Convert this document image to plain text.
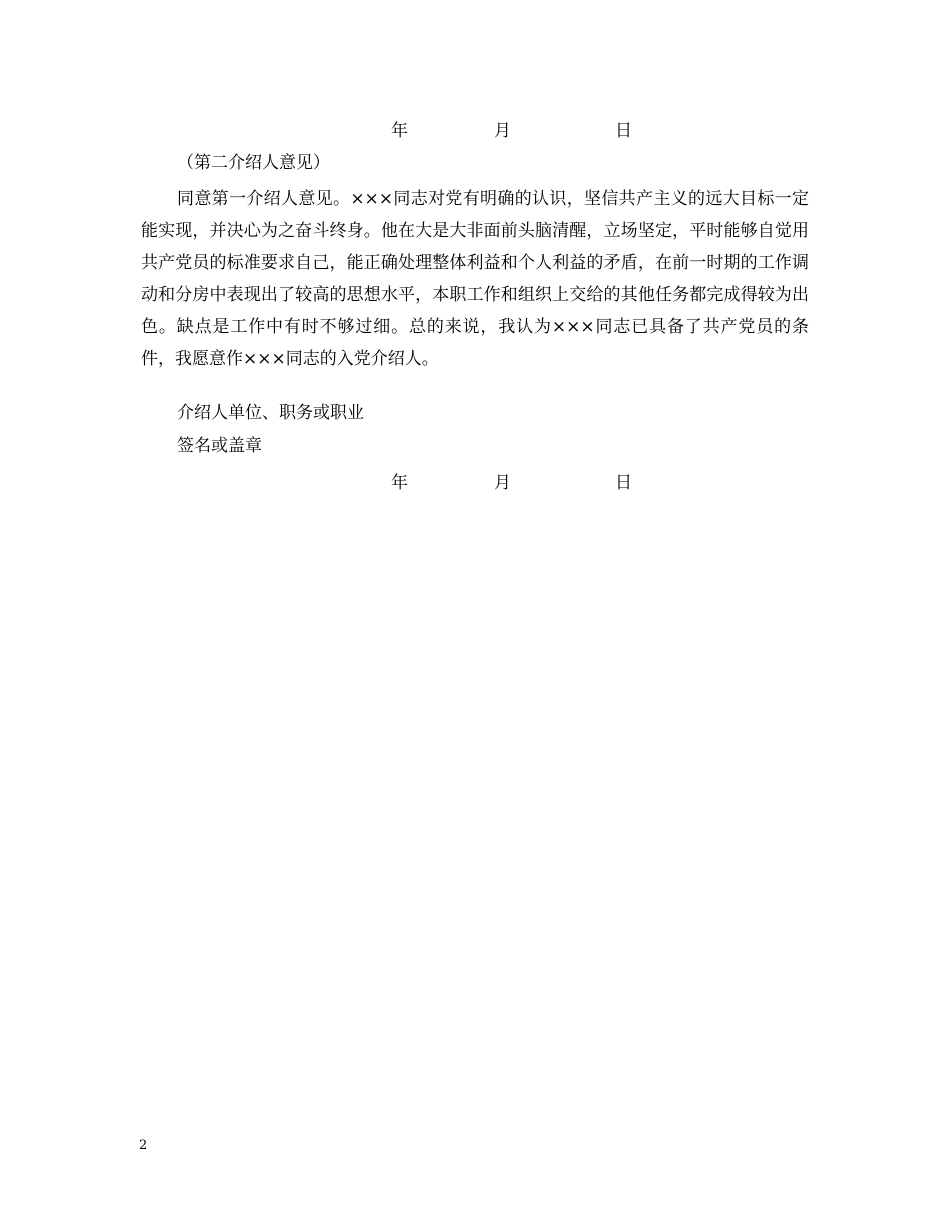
年	月	日
（第二介绍人意见）

同意第一介绍人意见。×××同志对党有明确的认识，坚信共产主义的远大目标一定能实现，并决心为之奋斗终身。他在大是大非面前头脑清醒，立场坚定，平时能够自觉用共产党员的标准要求自己，能正确处理整体利益和个人利益的矛盾，在前一时期的工作调动和分房中表现出了较高的思想水平，本职工作和组织上交给的其他任务都完成得较为出色。缺点是工作中有时不够过细。总的来说，我认为×××同志已具备了共产党员的条件，我愿意作×××同志的入党介绍人。

介绍人单位、职务或职业
签名或盖章
年	月	日
2
